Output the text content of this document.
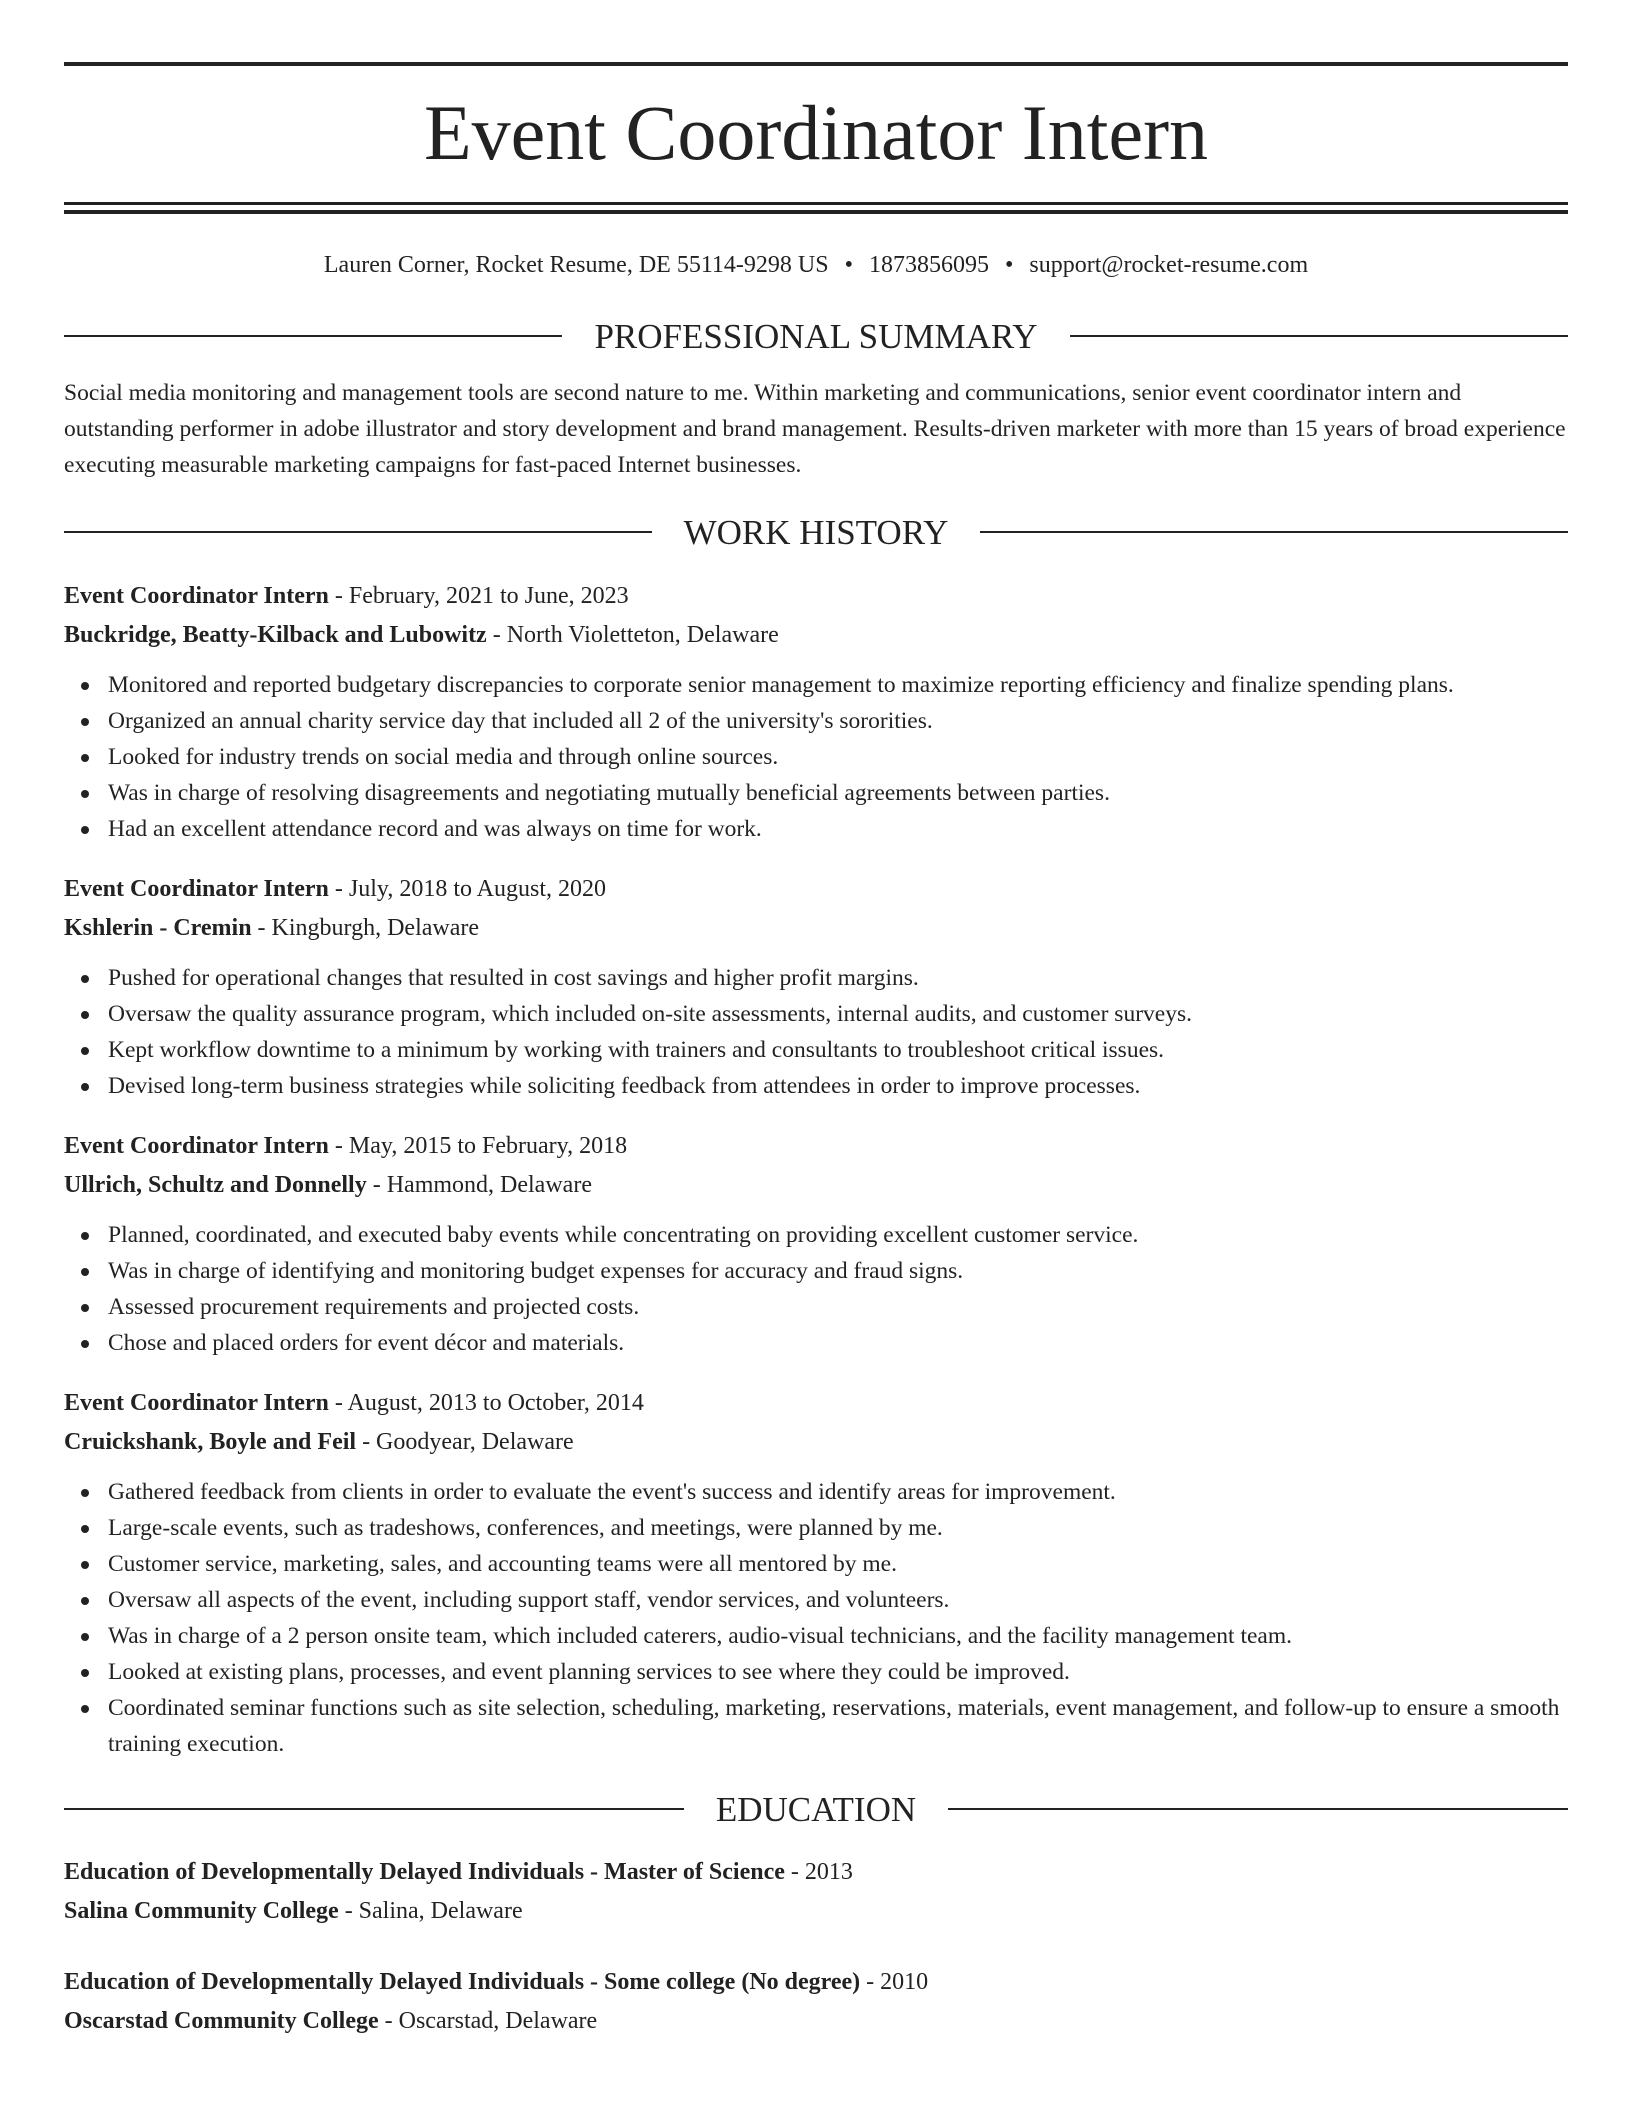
Event Coordinator Intern
Lauren Corner, Rocket Resume, DE 55114-9298 US • 1873856095 • support@rocket-resume.com
PROFESSIONAL SUMMARY
Social media monitoring and management tools are second nature to me. Within marketing and communications, senior event coordinator intern and outstanding performer in adobe illustrator and story development and brand management. Results-driven marketer with more than 15 years of broad experience executing measurable marketing campaigns for fast-paced Internet businesses.
WORK HISTORY
Event Coordinator Intern - February, 2021 to June, 2023
Buckridge, Beatty-Kilback and Lubowitz - North Violetteton, Delaware
Monitored and reported budgetary discrepancies to corporate senior management to maximize reporting efficiency and finalize spending plans.
Organized an annual charity service day that included all 2 of the university's sororities.
Looked for industry trends on social media and through online sources.
Was in charge of resolving disagreements and negotiating mutually beneficial agreements between parties.
Had an excellent attendance record and was always on time for work.
Event Coordinator Intern - July, 2018 to August, 2020
Kshlerin - Cremin - Kingburgh, Delaware
Pushed for operational changes that resulted in cost savings and higher profit margins.
Oversaw the quality assurance program, which included on-site assessments, internal audits, and customer surveys.
Kept workflow downtime to a minimum by working with trainers and consultants to troubleshoot critical issues.
Devised long-term business strategies while soliciting feedback from attendees in order to improve processes.
Event Coordinator Intern - May, 2015 to February, 2018
Ullrich, Schultz and Donnelly - Hammond, Delaware
Planned, coordinated, and executed baby events while concentrating on providing excellent customer service.
Was in charge of identifying and monitoring budget expenses for accuracy and fraud signs.
Assessed procurement requirements and projected costs.
Chose and placed orders for event décor and materials.
Event Coordinator Intern - August, 2013 to October, 2014
Cruickshank, Boyle and Feil - Goodyear, Delaware
Gathered feedback from clients in order to evaluate the event's success and identify areas for improvement.
Large-scale events, such as tradeshows, conferences, and meetings, were planned by me.
Customer service, marketing, sales, and accounting teams were all mentored by me.
Oversaw all aspects of the event, including support staff, vendor services, and volunteers.
Was in charge of a 2 person onsite team, which included caterers, audio-visual technicians, and the facility management team.
Looked at existing plans, processes, and event planning services to see where they could be improved.
Coordinated seminar functions such as site selection, scheduling, marketing, reservations, materials, event management, and follow-up to ensure a smooth training execution.
EDUCATION
Education of Developmentally Delayed Individuals - Master of Science - 2013
Salina Community College - Salina, Delaware
Education of Developmentally Delayed Individuals - Some college (No degree) - 2010
Oscarstad Community College - Oscarstad, Delaware
